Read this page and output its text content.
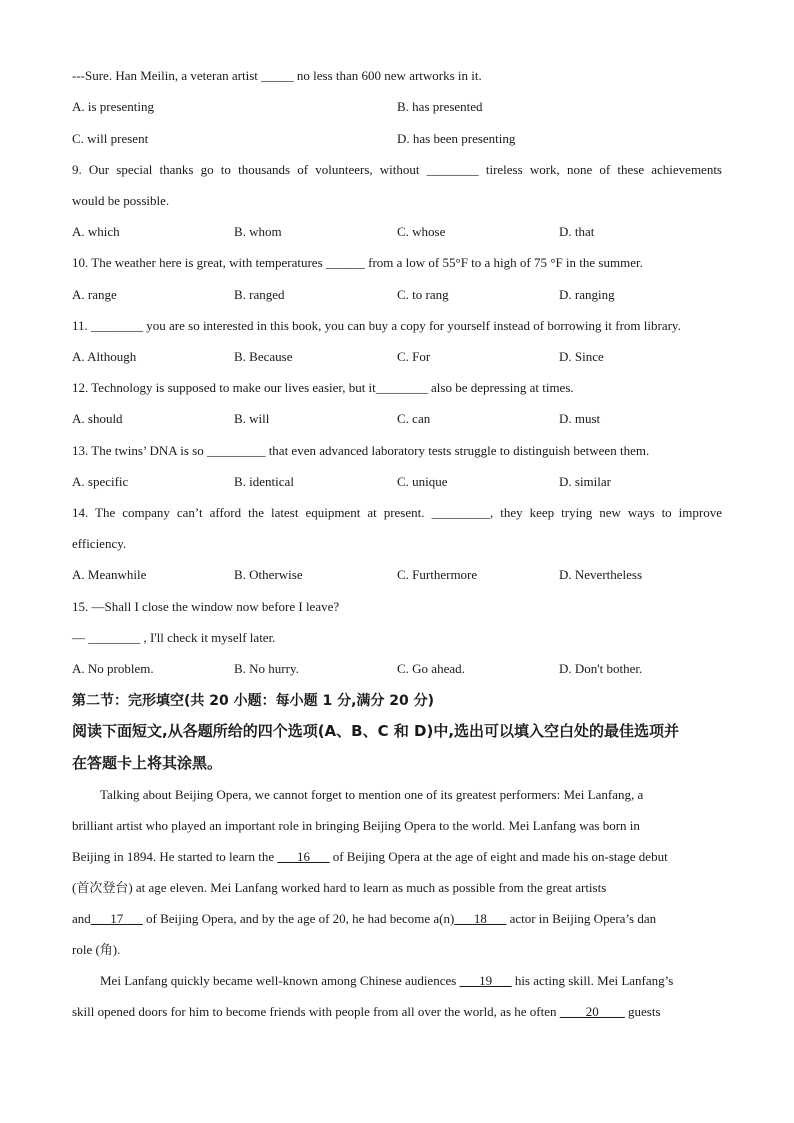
---Sure. Han Meilin, a veteran artist _____ no less than 600 new artworks in it.
A. is presenting	B. has presented
C. will present	D. has been presenting
9. Our special thanks go to thousands of volunteers, without ________ tireless work, none of these achievements
would be possible.
A. which	B. whom	C. whose	D. that
10. The weather here is great, with temperatures ______ from a low of 55°F to a high of 75 °F in the summer.
A. range	B. ranged	C. to rang	D. ranging
11. ________ you are so interested in this book, you can buy a copy for yourself instead of borrowing it from library.
A. Although	B. Because	C. For	D. Since
12. Technology is supposed to make our lives easier, but it________ also be depressing at times.
A. should	B. will	C. can	D. must
13. The twins’ DNA is so _________ that even advanced laboratory tests struggle to distinguish between them.
A. specific	B. identical	C. unique	D. similar
14. The company can’t afford the latest equipment at present. _________, they keep trying new ways to improve
efficiency.
A. Meanwhile	B. Otherwise	C. Furthermore	D. Nevertheless
15. —Shall I close the window now before I leave?
— ________ , I'll check it myself later.
A. No problem.	B. No hurry.	C. Go ahead.	D. Don't bother.
第二节：完形填空(共 20 小题：每小题 1 分,满分 20 分)
阅读下面短文,从各题所给的四个选项(A、B、C 和 D)中,选出可以填入空白处的最佳选项并
在答题卡上将其涂黑。
Talking about Beijing Opera, we cannot forget to mention one of its greatest performers: Mei Lanfang, a
brilliant artist who played an important role in bringing Beijing Opera to the world. Mei Lanfang was born in
Beijing in 1894. He started to learn the ___16___ of Beijing Opera at the age of eight and made his on-stage debut
(首次登台) at age eleven. Mei Lanfang worked hard to learn as much as possible from the great artists
and___17___ of Beijing Opera, and by the age of 20, he had become a(n)___18___ actor in Beijing Opera’s dan
role (角).
Mei Lanfang quickly became well-known among Chinese audiences ___19___ his acting skill. Mei Lanfang’s
skill opened doors for him to become friends with people from all over the world, as he often ____20____ guests
